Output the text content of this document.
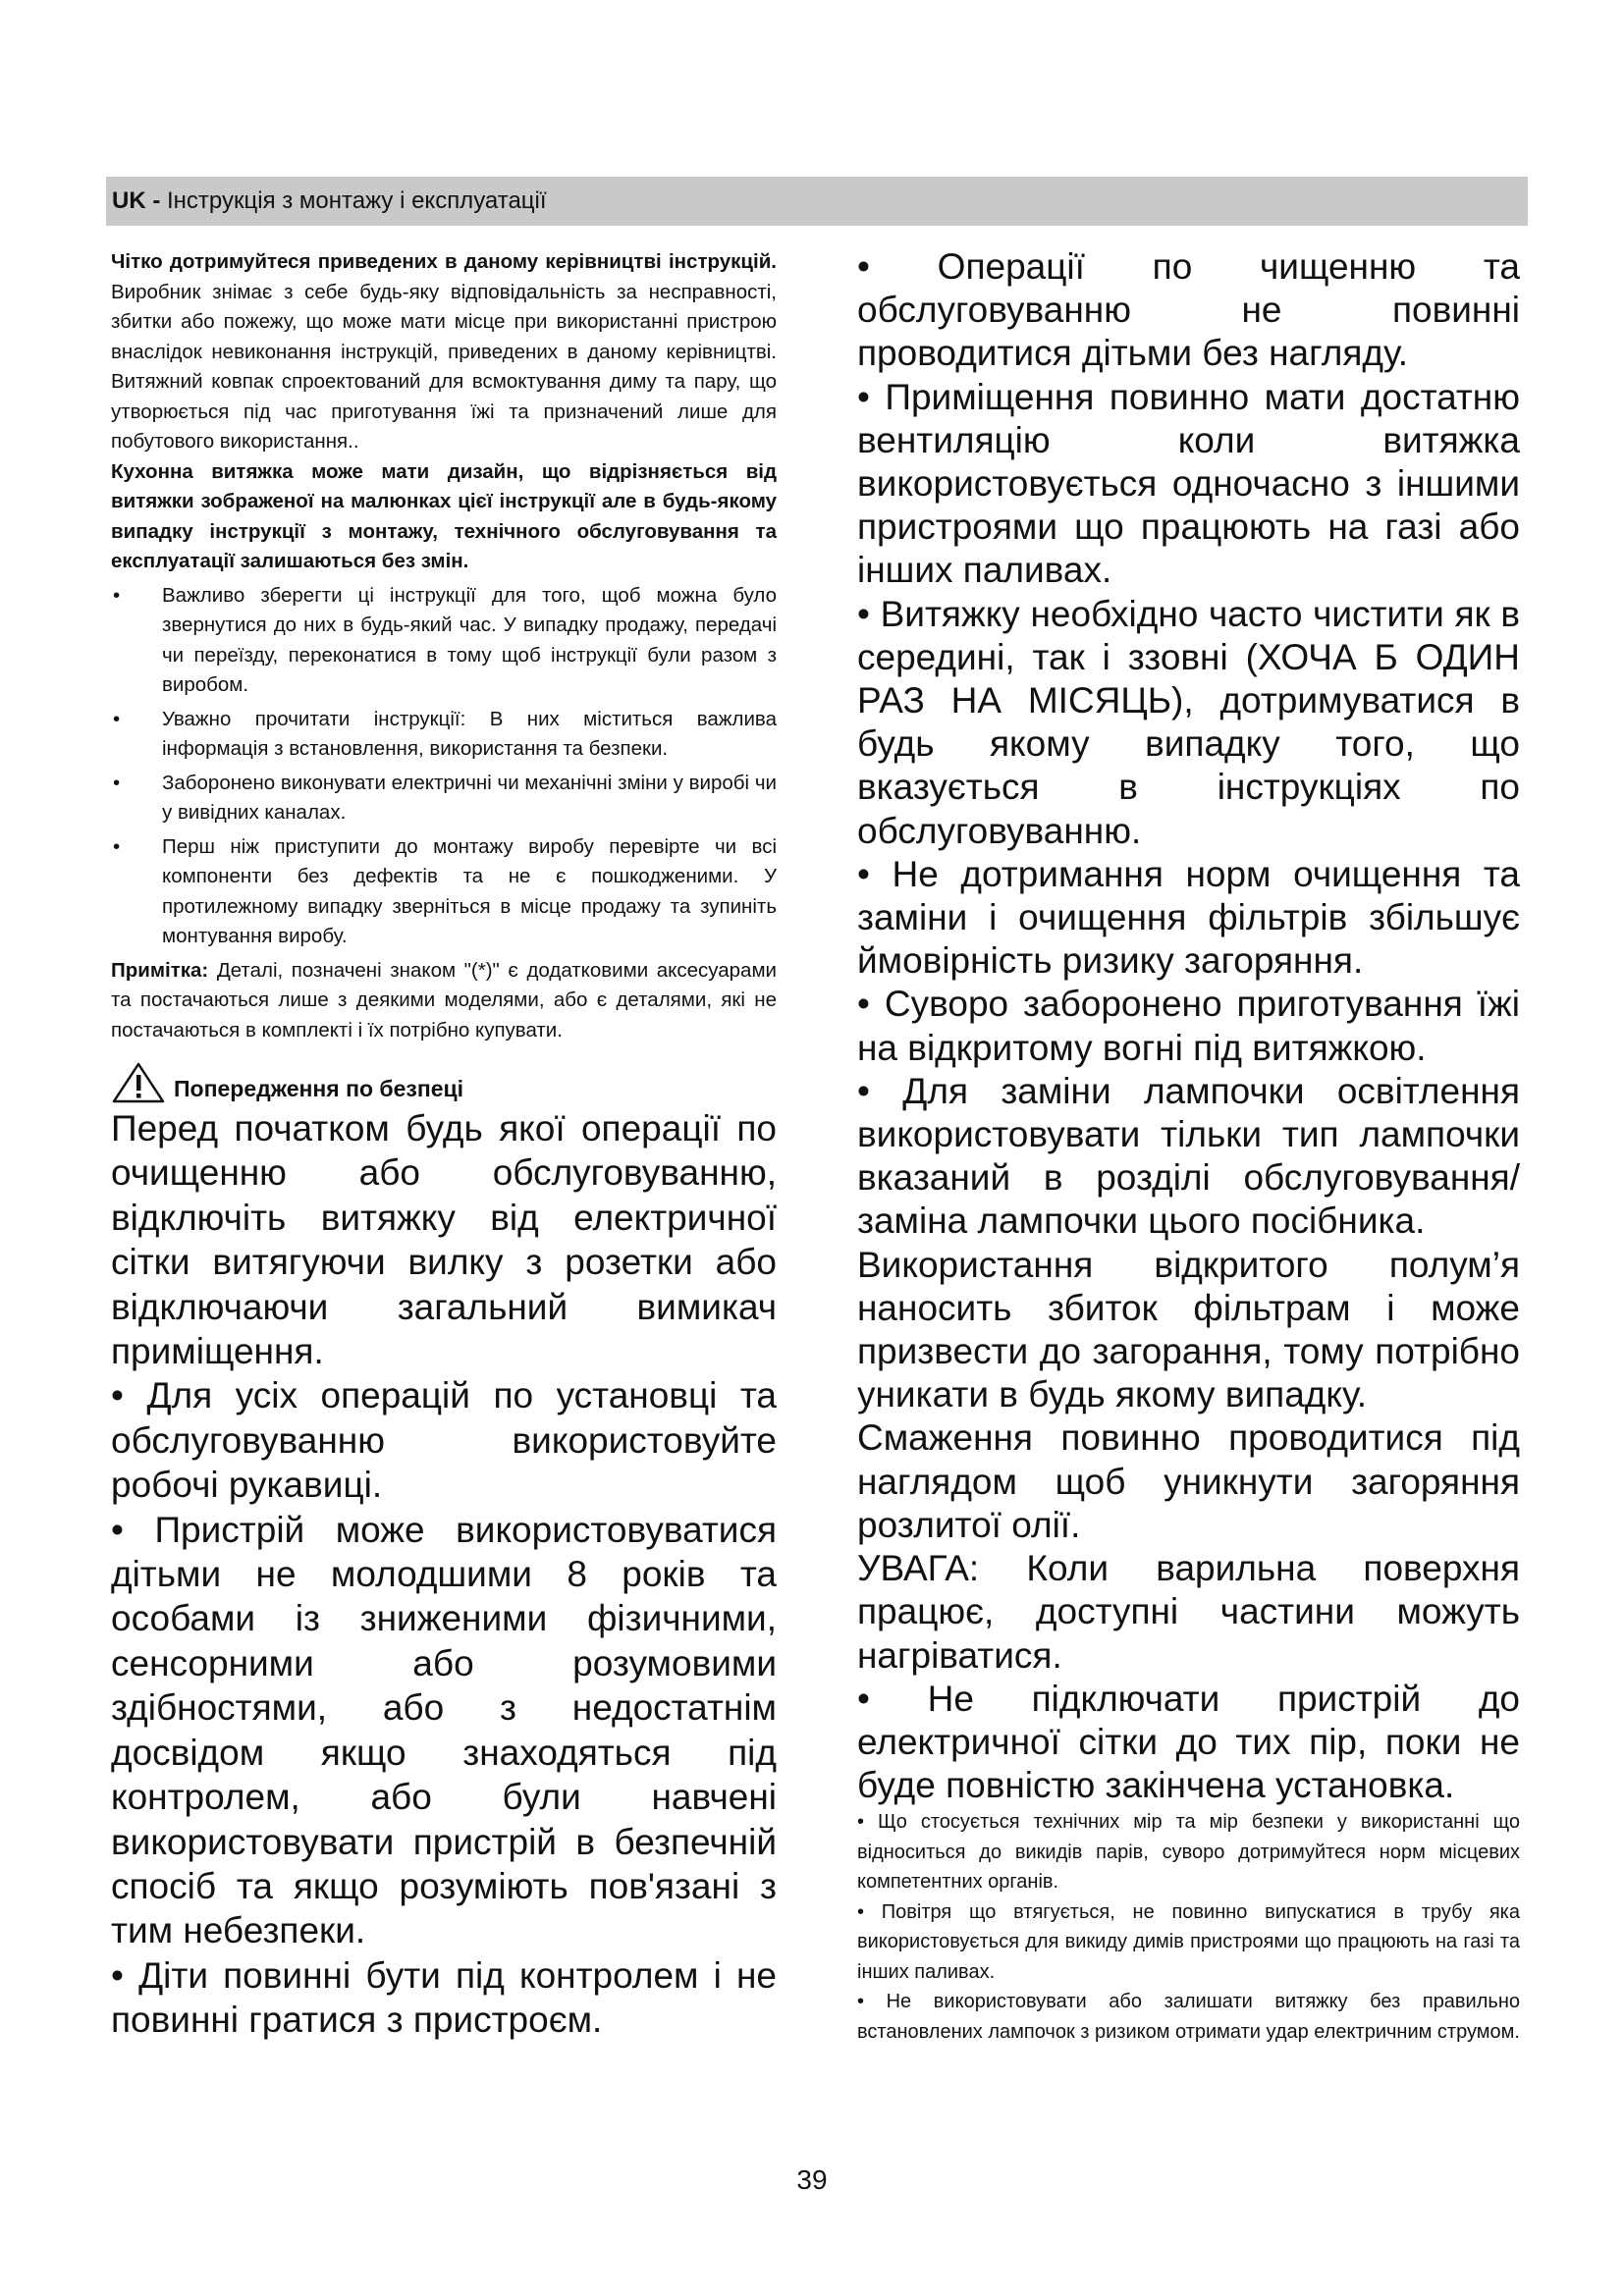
UK - Інструкція з монтажу і експлуатації

Чітко дотримуйтеся приведених в даному керівництві інструкцій. Виробник знімає з себе будь-яку відповідальність за несправності, збитки або пожежу, що може мати місце при використанні пристрою внаслідок невиконання інструкцій, приведених в даному керівництві. Витяжний ковпак спроектований для всмоктування диму та пару, що утворюється під час приготування їжі та призначений лише для побутового використання..

Кухонна витяжка може мати дизайн, що відрізняється від витяжки зображеної на малюнках цієї інструкції але в будь-якому випадку інструкції з монтажу, технічного обслуговування та експлуатації залишаються без змін.

• Важливо зберегти ці інструкції для того, щоб можна було звернутися до них в будь-який час. У випадку продажу, передачі чи переїзду, переконатися в тому щоб інструкції були разом з виробом.
• Уважно прочитати інструкції: В них міститься важлива інформація з встановлення, використання та безпеки.
• Заборонено виконувати електричні чи механічні зміни у виробі чи у вивідних каналах.
• Перш ніж приступити до монтажу виробу перевірте чи всі компоненти без дефектів та не є пошкодженими. У протилежному випадку зверніться в місце продажу та зупиніть монтування виробу.

Примітка: Деталі, позначені знаком "(*)" є додатковими аксесуарами та постачаються лише з деякими моделями, або є деталями, які не постачаються в комплекті і їх потрібно купувати.

Попередження по безпеці

Перед початком будь якої операції по очищенню або обслуговуванню, відключіть витяжку від електричної сітки витягуючи вилку з розетки або відключаючи загальний вимикач приміщення.

• Для усіх операцій по установці та обслуговуванню використовуйте робочі рукавиці.

• Пристрій може використовуватися дітьми не молодшими 8 років та особами із зниженими фізичними, сенсорними або розумовими здібностями, або з недостатнім досвідом якщо знаходяться під контролем, або були навчені використовувати пристрій в безпечній спосіб та якщо розуміють пов'язані з тим небезпеки.

• Діти повинні бути під контролем і не повинні гратися з пристроєм.

• Операції по чищенню та обслуговуванню не повинні проводитися дітьми без нагляду.

• Приміщення повинно мати достатню вентиляцію коли витяжка використовується одночасно з іншими пристроями що працюють на газі або інших паливах.

• Витяжку необхідно часто чистити як в середині, так і ззовні (ХОЧА Б ОДИН РАЗ НА МІСЯЦЬ), дотримуватися в будь якому випадку того, що вказується в інструкціях по обслуговуванню.

• Не дотримання норм очищення та заміни і очищення фільтрів збільшує ймовірність ризику загоряння.

• Суворо заборонено приготування їжі на відкритому вогні під витяжкою.

• Для заміни лампочки освітлення використовувати тільки тип лампочки вказаний в розділі обслуговування/заміна лампочки цього посібника.

Використання відкритого полум’я наносить збиток фільтрам і може призвести до загорання, тому потрібно уникати в будь якому випадку.

Смаження повинно проводитися під наглядом щоб уникнути загоряння розлитої олії.

УВАГА: Коли варильна поверхня працює, доступні частини можуть нагріватися.

• Не підключати пристрій до електричної сітки до тих пір, поки не буде повністю закінчена установка.

• Що стосується технічних мір та мір безпеки у використанні що відноситься до викидів парів, суворо дотримуйтеся норм місцевих компетентних органів.

• Повітря що втягується, не повинно випускатися в трубу яка використовується для викиду димів пристроями що працюють на газі та інших паливах.

• Не використовувати або залишати витяжку без правильно встановлених лампочок з ризиком отримати удар електричним струмом.

39
